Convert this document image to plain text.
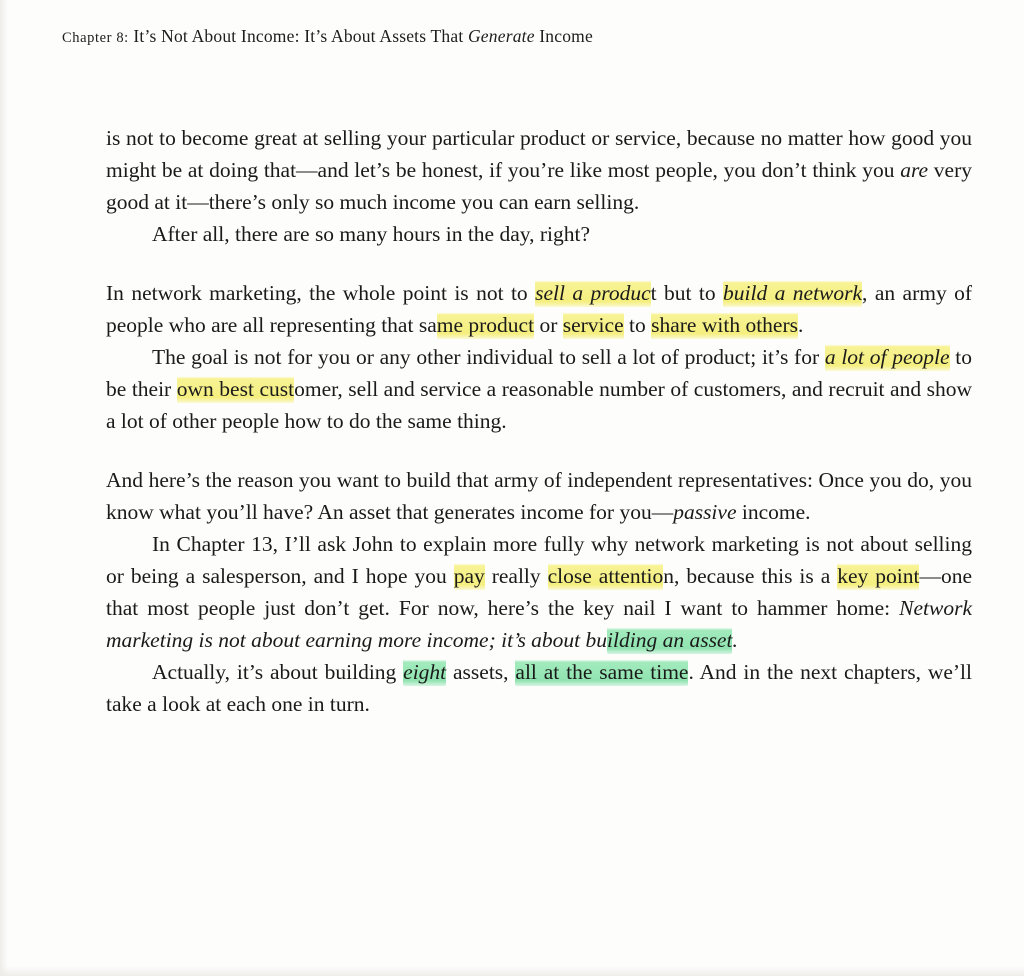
Chapter 8: It’s Not About Income: It’s About Assets That Generate Income

is not to become great at selling your particular product or service, because no matter how good you might be at doing that—and let’s be honest, if you’re like most people, you don’t think you are very good at it—there’s only so much income you can earn selling.

After all, there are so many hours in the day, right?

In network marketing, the whole point is not to sell a product but to build a network, an army of people who are all representing that same product or service to share with others.

The goal is not for you or any other individual to sell a lot of product; it’s for a lot of people to be their own best customer, sell and service a reasonable number of customers, and recruit and show a lot of other people how to do the same thing.

And here’s the reason you want to build that army of independent representatives: Once you do, you know what you’ll have? An asset that generates income for you—passive income.

In Chapter 13, I’ll ask John to explain more fully why network marketing is not about selling or being a salesperson, and I hope you pay really close attention, because this is a key point—one that most people just don’t get. For now, here’s the key nail I want to hammer home: Network marketing is not about earning more income; it’s about building an asset.

Actually, it’s about building eight assets, all at the same time. And in the next chapters, we’ll take a look at each one in turn.
